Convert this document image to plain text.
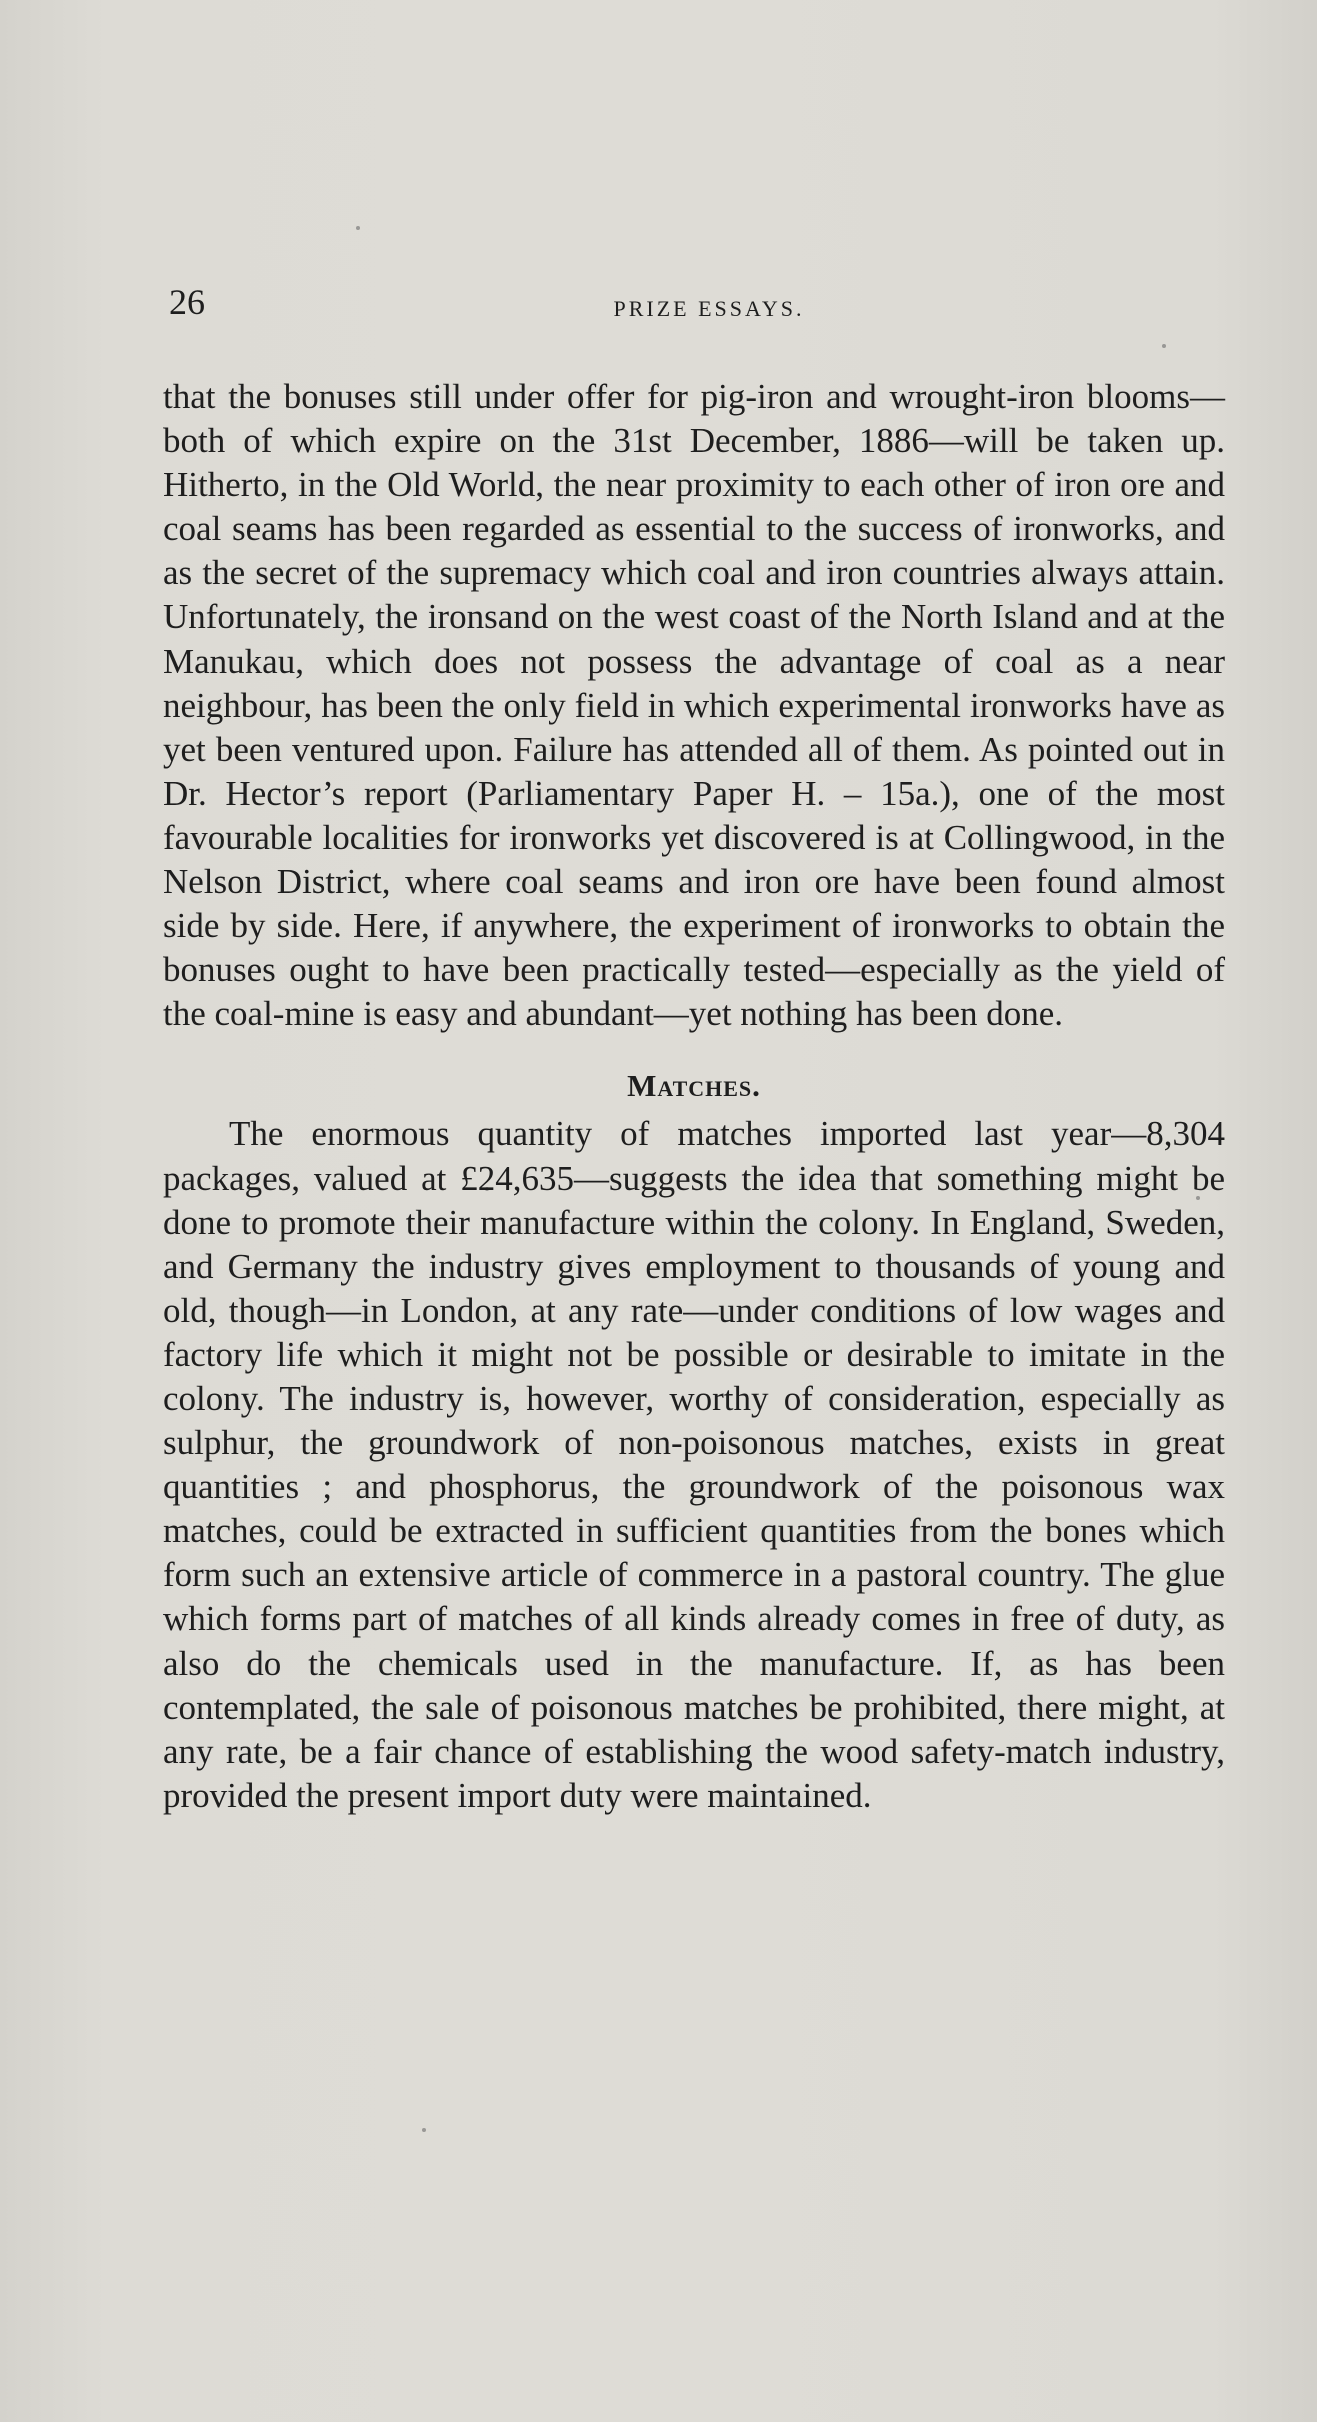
26	PRIZE ESSAYS.

that the bonuses still under offer for pig-iron and wrought-iron blooms—both of which expire on the 31st December, 1886—will be taken up. Hitherto, in the Old World, the near proximity to each other of iron ore and coal seams has been regarded as essential to the success of ironworks, and as the secret of the supremacy which coal and iron countries always attain. Unfortunately, the ironsand on the west coast of the North Island and at the Manukau, which does not possess the advantage of coal as a near neighbour, has been the only field in which experimental ironworks have as yet been ventured upon. Failure has attended all of them. As pointed out in Dr. Hector’s report (Parliamentary Paper H. – 15a.), one of the most favourable localities for ironworks yet discovered is at Collingwood, in the Nelson District, where coal seams and iron ore have been found almost side by side. Here, if anywhere, the experiment of ironworks to obtain the bonuses ought to have been practically tested—especially as the yield of the coal-mine is easy and abundant—yet nothing has been done.

Matches.

The enormous quantity of matches imported last year—8,304 packages, valued at £24,635—suggests the idea that something might be done to promote their manufacture within the colony. In England, Sweden, and Germany the industry gives employment to thousands of young and old, though—in London, at any rate—under conditions of low wages and factory life which it might not be possible or desirable to imitate in the colony. The industry is, however, worthy of consideration, especially as sulphur, the groundwork of non-poisonous matches, exists in great quantities ; and phosphorus, the groundwork of the poisonous wax matches, could be extracted in sufficient quantities from the bones which form such an extensive article of commerce in a pastoral country. The glue which forms part of matches of all kinds already comes in free of duty, as also do the chemicals used in the manufacture. If, as has been contemplated, the sale of poisonous matches be prohibited, there might, at any rate, be a fair chance of establishing the wood safety-match industry, provided the present import duty were maintained.
